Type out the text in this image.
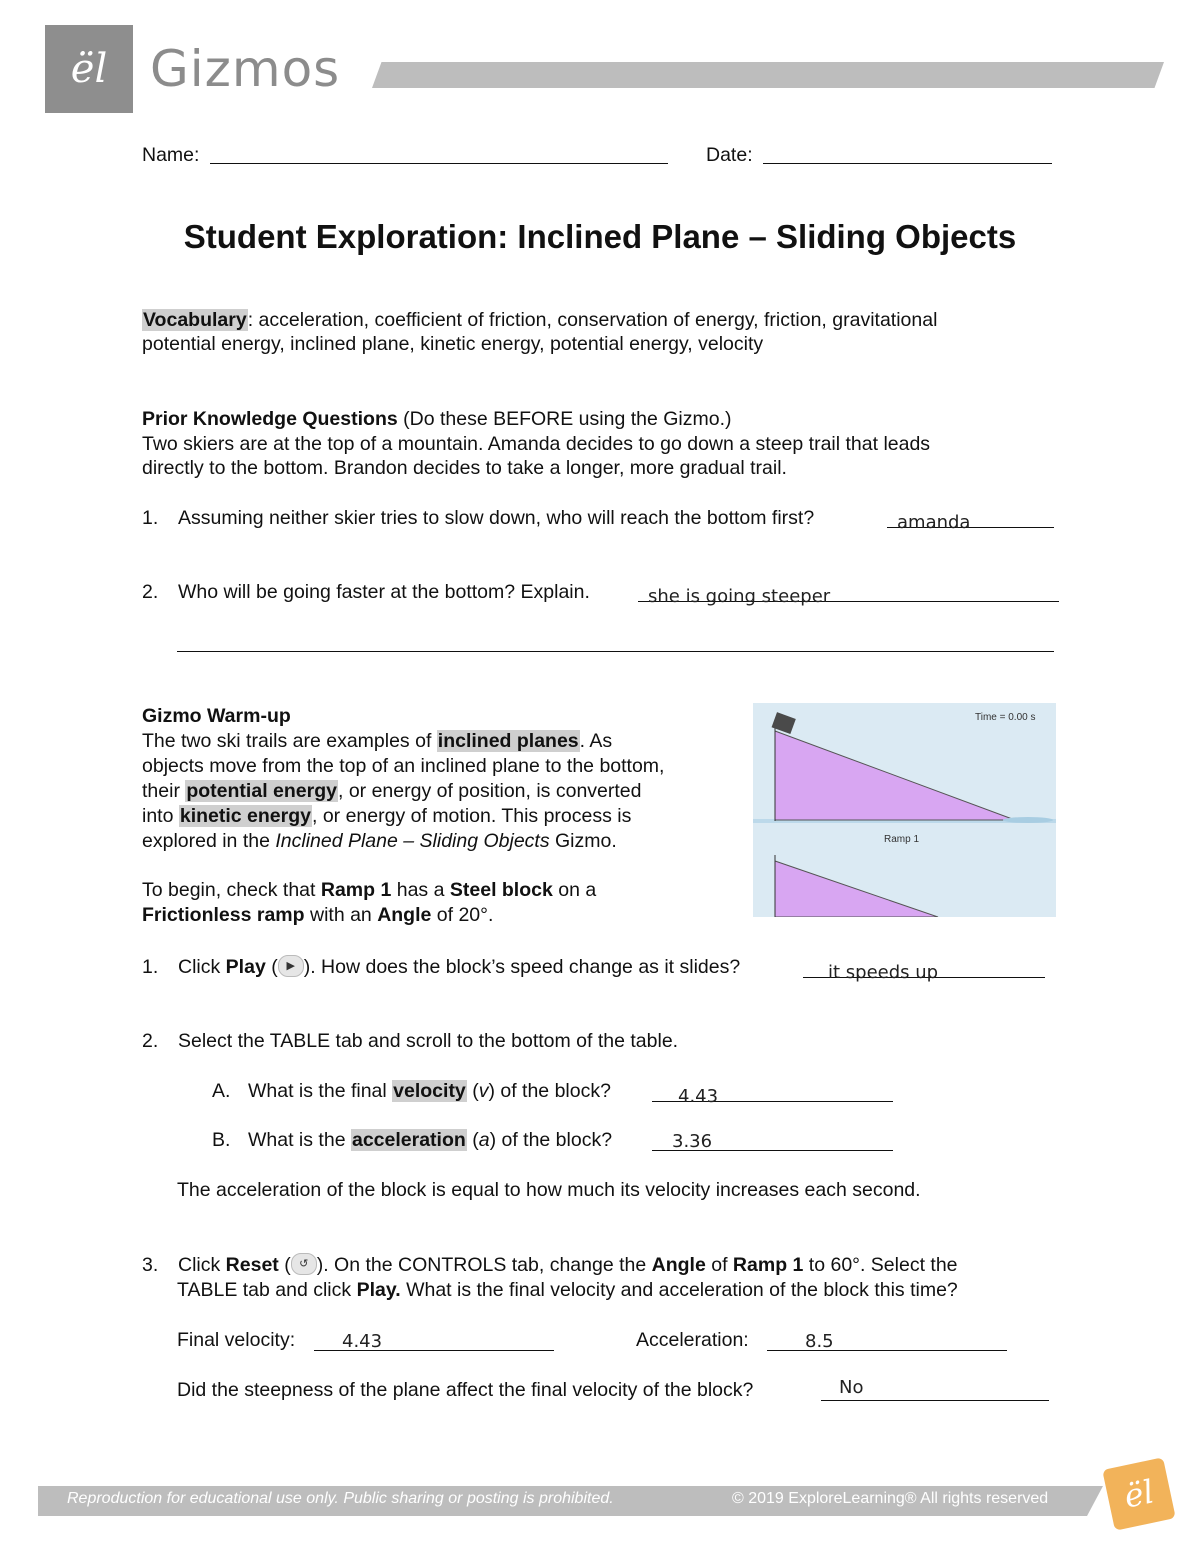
ël Gizmos
Name:	Date:
Student Exploration: Inclined Plane – Sliding Objects
Vocabulary: acceleration, coefficient of friction, conservation of energy, friction, gravitational
potential energy, inclined plane, kinetic energy, potential energy, velocity
Prior Knowledge Questions (Do these BEFORE using the Gizmo.)
Two skiers are at the top of a mountain. Amanda decides to go down a steep trail that leads
directly to the bottom. Brandon decides to take a longer, more gradual trail.
1. Assuming neither skier tries to slow down, who will reach the bottom first?	amanda
2. Who will be going faster at the bottom? Explain.	she is going steeper
Gizmo Warm-up
The two ski trails are examples of inclined planes. As
objects move from the top of an inclined plane to the bottom,
their potential energy, or energy of position, is converted
into kinetic energy, or energy of motion. This process is
explored in the Inclined Plane – Sliding Objects Gizmo.
To begin, check that Ramp 1 has a Steel block on a
Frictionless ramp with an Angle of 20°.
Time = 0.00 s
Ramp 1
1. Click Play ( ▶ ). How does the block’s speed change as it slides?	it speeds up
2. Select the TABLE tab and scroll to the bottom of the table.
A. What is the final velocity (v) of the block?	4.43
B. What is the acceleration (a) of the block?	3.36
The acceleration of the block is equal to how much its velocity increases each second.
3. Click Reset ( ↺ ). On the CONTROLS tab, change the Angle of Ramp 1 to 60°. Select the
TABLE tab and click Play. What is the final velocity and acceleration of the block this time?
Final velocity:	4.43	Acceleration:	8.5
Did the steepness of the plane affect the final velocity of the block?	No
Reproduction for educational use only. Public sharing or posting is prohibited.	© 2019 ExploreLearning® All rights reserved ël
